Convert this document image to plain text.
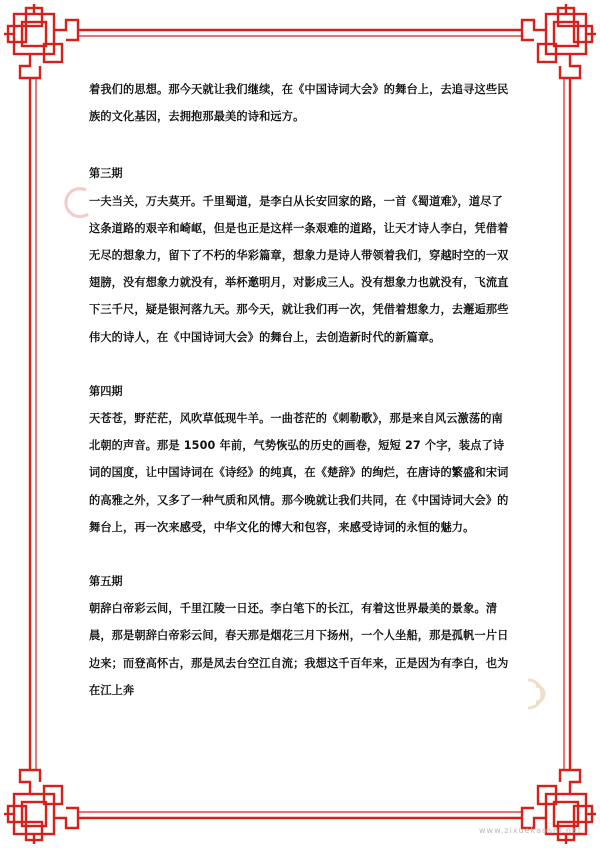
着我们的思想。那今天就让我们继续，在《中国诗词大会》的舞台上，去追寻这些民族的文化基因，去拥抱那最美的诗和远方。

第三期

一夫当关，万夫莫开。千里蜀道，是李白从长安回家的路，一首《蜀道难》，道尽了这条道路的艰辛和崎岖，但是也正是这样一条艰难的道路，让天才诗人李白，凭借着无尽的想象力，留下了不朽的华彩篇章，想象力是诗人带领着我们，穿越时空的一双翅膀，没有想象力就没有，举杯邀明月，对影成三人。没有想象力也就没有，飞流直下三千尺，疑是银河落九天。那今天，就让我们再一次，凭借着想象力，去邂逅那些伟大的诗人，在《中国诗词大会》的舞台上，去创造新时代的新篇章。

第四期

天苍苍，野茫茫，风吹草低现牛羊。一曲苍茫的《刺勒歌》，那是来自风云激荡的南北朝的声音。那是 1500 年前，气势恢弘的历史的画卷，短短 27 个字，装点了诗词的国度，让中国诗词在《诗经》的纯真，在《楚辞》的绚烂，在唐诗的繁盛和宋词的高雅之外，又多了一种气质和风情。那今晚就让我们共同，在《中国诗词大会》的舞台上，再一次来感受，中华文化的博大和包容，来感受诗词的永恒的魅力。

第五期

朝辞白帝彩云间，千里江陵一日还。李白笔下的长江，有着这世界最美的景象。清晨，那是朝辞白帝彩云间，春天那是烟花三月下扬州，一个人坐船，那是孤帆一片日边来；而登高怀古，那是凤去台空江自流；我想这千百年来，正是因为有李白，也为在江上奔

www.zixuekaoshi.net
